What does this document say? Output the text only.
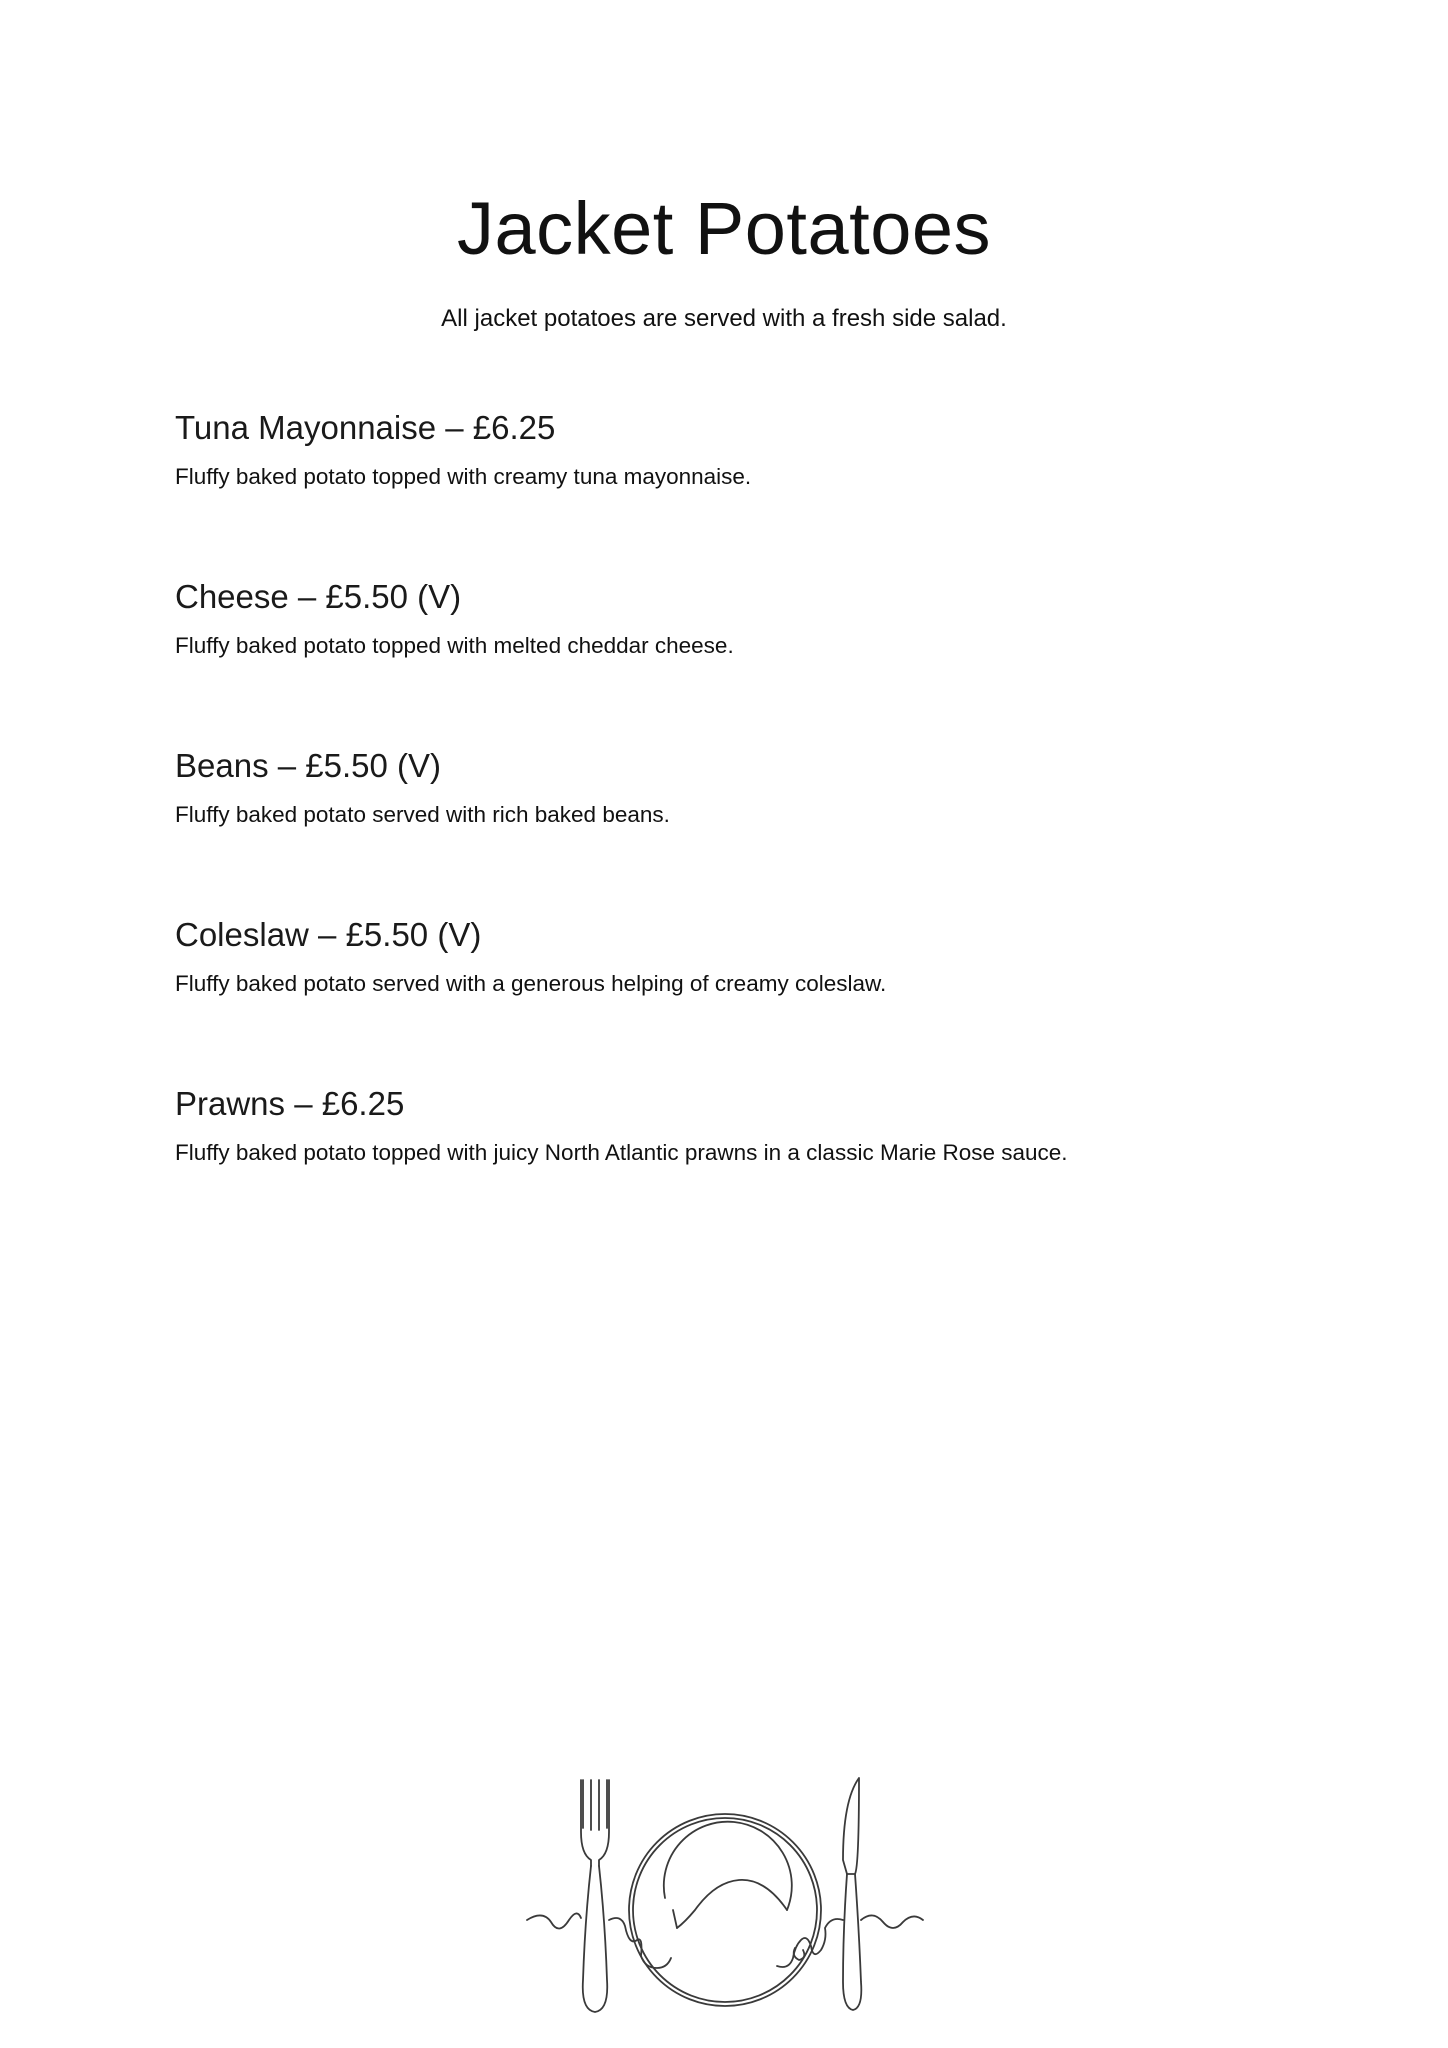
Jacket Potatoes

All jacket potatoes are served with a fresh side salad.

Tuna Mayonnaise – £6.25

Fluffy baked potato topped with creamy tuna mayonnaise.

Cheese – £5.50 (V)

Fluffy baked potato topped with melted cheddar cheese.

Beans – £5.50 (V)

Fluffy baked potato served with rich baked beans.

Coleslaw – £5.50 (V)

Fluffy baked potato served with a generous helping of creamy coleslaw.

Prawns – £6.25

Fluffy baked potato topped with juicy North Atlantic prawns in a classic Marie Rose sauce.
